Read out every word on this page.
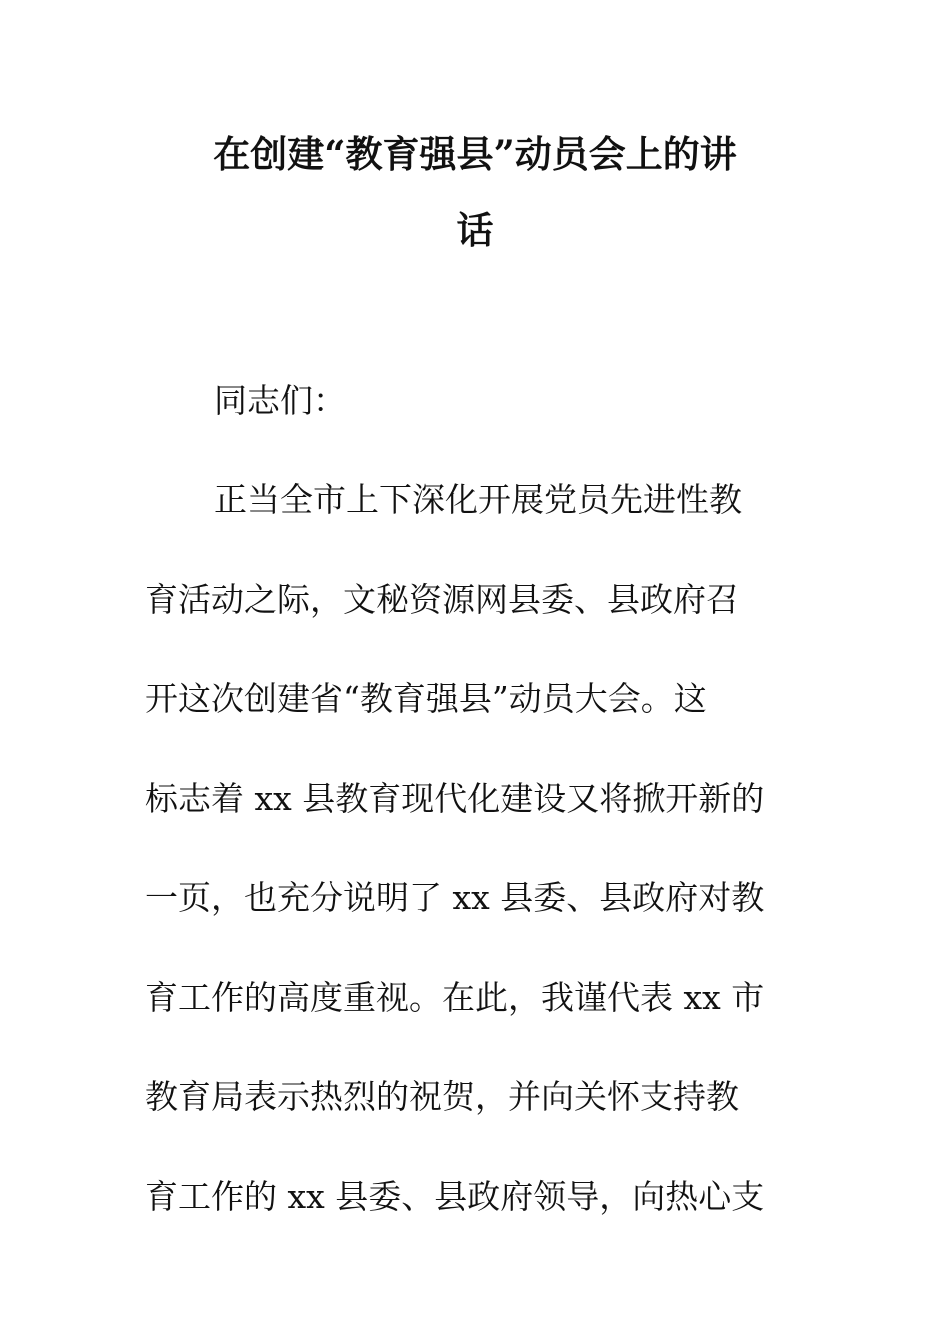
在创建“教育强县”动员会上的讲
话

同志们：

正当全市上下深化开展党员先进性教

育活动之际，文秘资源网县委、县政府召

开这次创建省“教育强县”动员大会。这

标志着 xx 县教育现代化建设又将掀开新的

一页，也充分说明了 xx 县委、县政府对教

育工作的高度重视。在此，我谨代表 xx 市

教育局表示热烈的祝贺，并向关怀支持教

育工作的 xx 县委、县政府领导，向热心支
